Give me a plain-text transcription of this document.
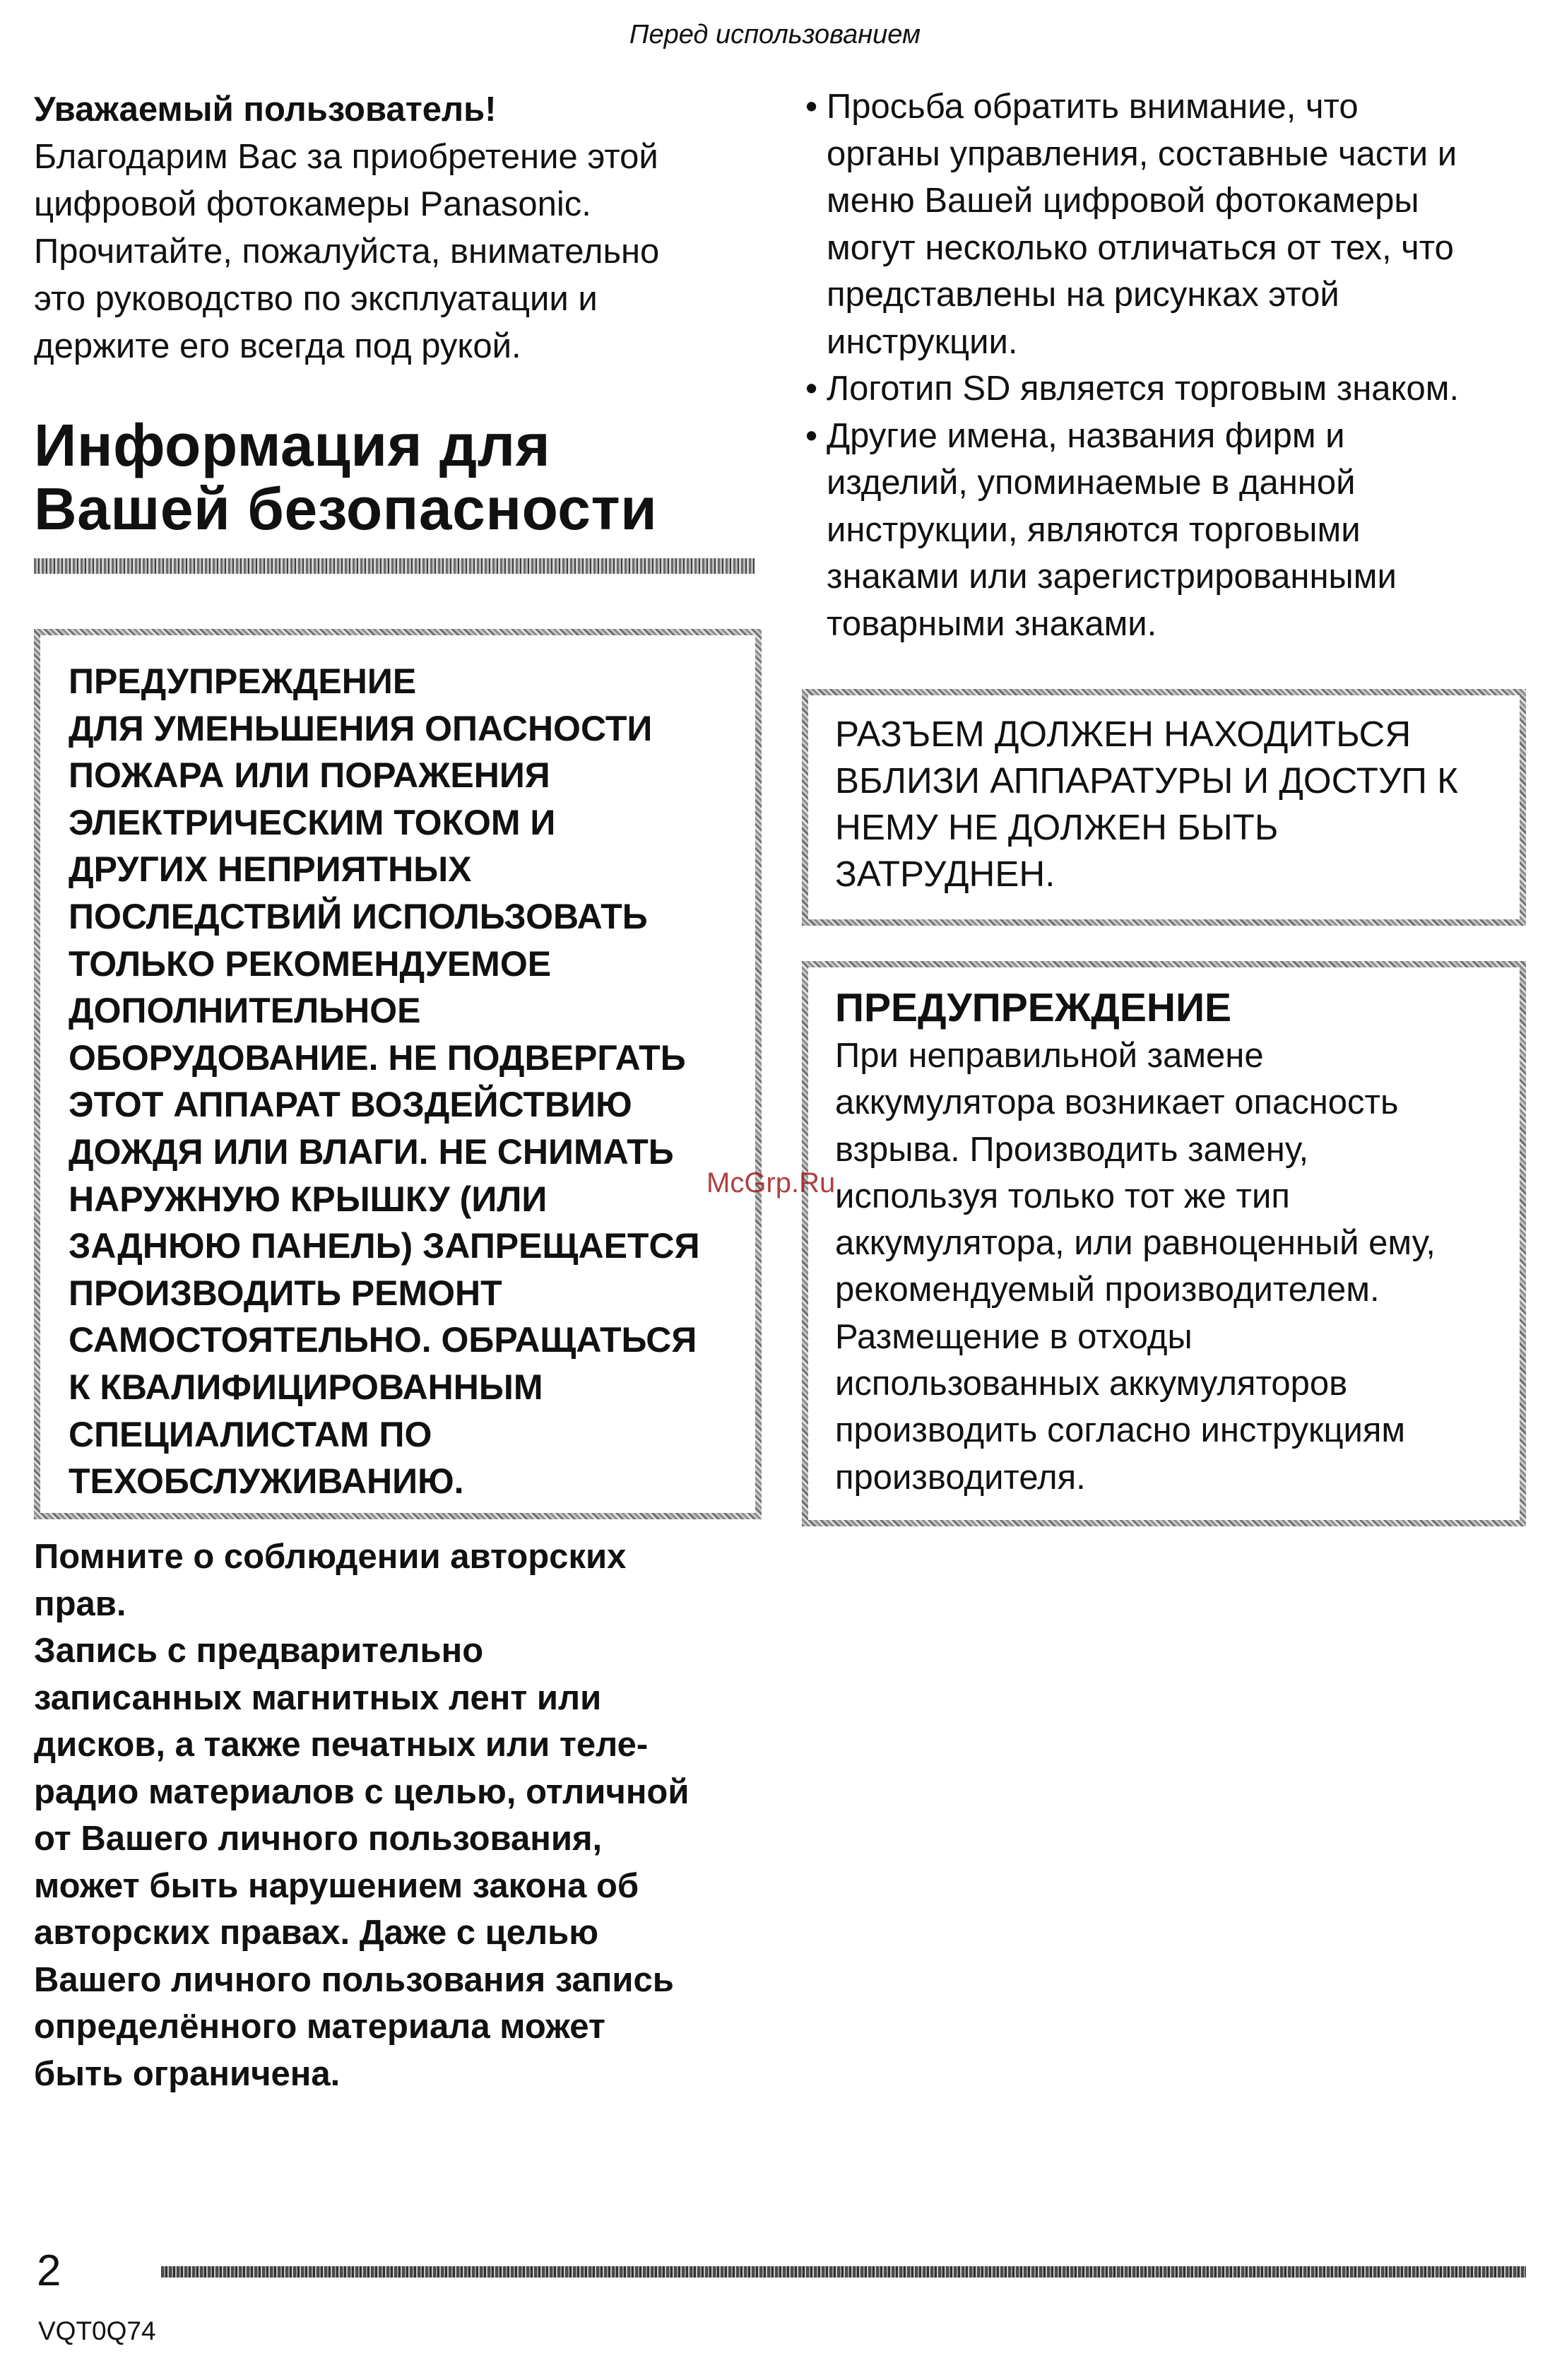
Перед использованием
Уважаемый пользователь!
Благодарим Вас за приобретение этой
цифровой фотокамеры Panasonic.
Прочитайте, пожалуйста, внимательно
это руководство по эксплуатации и
держите его всегда под рукой.
Информация для
Вашей безопасности
ПРЕДУПРЕЖДЕНИЕ
ДЛЯ УМЕНЬШЕНИЯ ОПАСНОСТИ
ПОЖАРА ИЛИ ПОРАЖЕНИЯ
ЭЛЕКТРИЧЕСКИМ ТОКОМ И
ДРУГИХ НЕПРИЯТНЫХ
ПОСЛЕДСТВИЙ ИСПОЛЬЗОВАТЬ
ТОЛЬКО РЕКОМЕНДУЕМОЕ
ДОПОЛНИТЕЛЬНОЕ
ОБОРУДОВАНИЕ. НЕ ПОДВЕРГАТЬ
ЭТОТ АППАРАТ ВОЗДЕЙСТВИЮ
ДОЖДЯ ИЛИ ВЛАГИ. НЕ СНИМАТЬ
НАРУЖНУЮ КРЫШКУ (ИЛИ
ЗАДНЮЮ ПАНЕЛЬ) ЗАПРЕЩАЕТСЯ
ПРОИЗВОДИТЬ РЕМОНТ
САМОСТОЯТЕЛЬНО. ОБРАЩАТЬСЯ
К КВАЛИФИЦИРОВАННЫМ
СПЕЦИАЛИСТАМ ПО
ТЕХОБСЛУЖИВАНИЮ.
Помните о соблюдении авторских
прав.
Запись с предварительно
записанных магнитных лент или
дисков, а также печатных или теле-
радио материалов с целью, отличной
от Вашего личного пользования,
может быть нарушением закона об
авторских правах. Даже с целью
Вашего личного пользования запись
определённого материала может
быть ограничена.
• Просьба обратить внимание, что
органы управления, составные части и
меню Вашей цифровой фотокамеры
могут несколько отличаться от тех, что
представлены на рисунках этой
инструкции.
• Логотип SD является торговым знаком.
• Другие имена, названия фирм и
изделий, упоминаемые в данной
инструкции, являются торговыми
знаками или зарегистрированными
товарными знаками.
РАЗЪЕМ ДОЛЖЕН НАХОДИТЬСЯ
ВБЛИЗИ АППАРАТУРЫ И ДОСТУП К
НЕМУ НЕ ДОЛЖЕН БЫТЬ
ЗАТРУДНЕН.
ПРЕДУПРЕЖДЕНИЕ
При неправильной замене
аккумулятора возникает опасность
взрыва. Производить замену,
используя только тот же тип
аккумулятора, или равноценный ему,
рекомендуемый производителем.
Размещение в отходы
использованных аккумуляторов
производить согласно инструкциям
производителя.
McGrp.Ru
2
VQT0Q74
